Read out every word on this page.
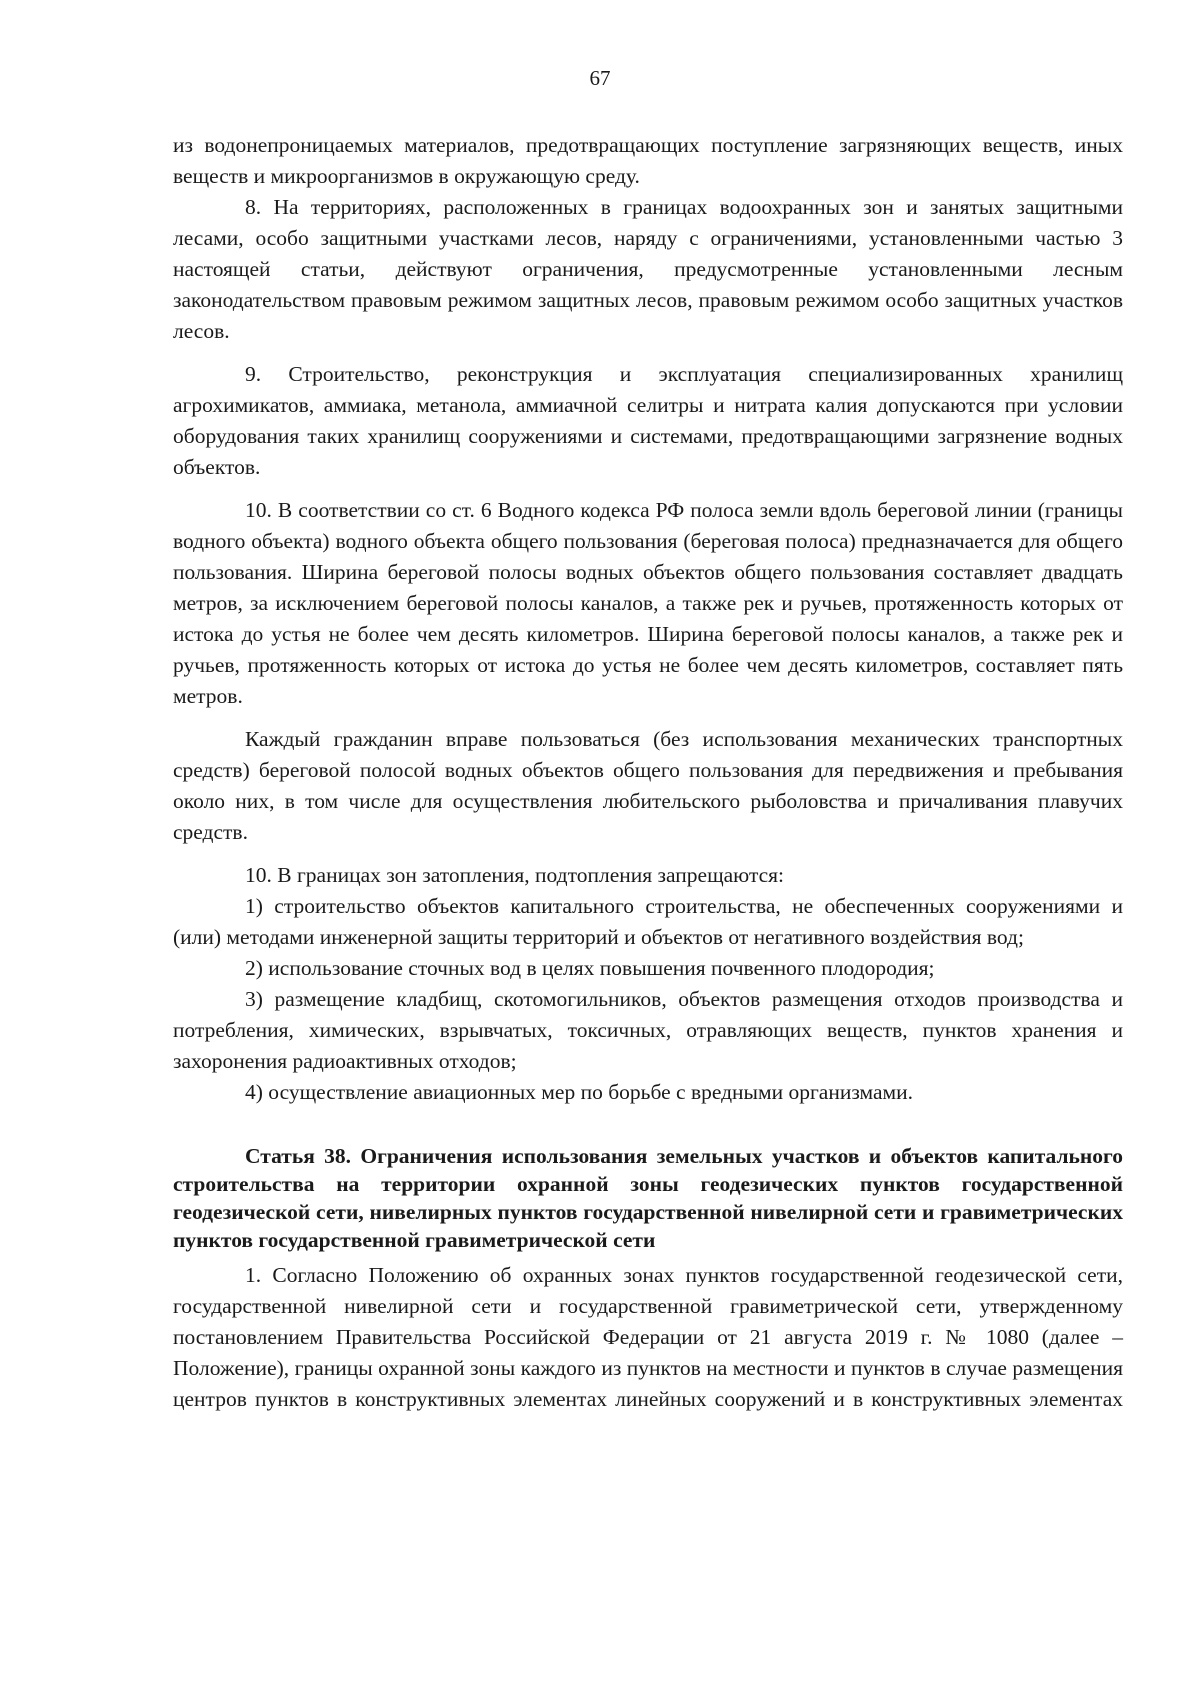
67

из водонепроницаемых материалов, предотвращающих поступление загрязняющих веществ, иных веществ и микроорганизмов в окружающую среду.

8. На территориях, расположенных в границах водоохранных зон и занятых защитными лесами, особо защитными участками лесов, наряду с ограничениями, установленными частью 3 настоящей статьи, действуют ограничения, предусмотренные установленными лесным законодательством правовым режимом защитных лесов, правовым режимом особо защитных участков лесов.

9. Строительство, реконструкция и эксплуатация специализированных хранилищ агрохимикатов, аммиака, метанола, аммиачной селитры и нитрата калия допускаются при условии оборудования таких хранилищ сооружениями и системами, предотвращающими загрязнение водных объектов.

10. В соответствии со ст. 6 Водного кодекса РФ полоса земли вдоль береговой линии (границы водного объекта) водного объекта общего пользования (береговая полоса) предназначается для общего пользования. Ширина береговой полосы водных объектов общего пользования составляет двадцать метров, за исключением береговой полосы каналов, а также рек и ручьев, протяженность которых от истока до устья не более чем десять километров. Ширина береговой полосы каналов, а также рек и ручьев, протяженность которых от истока до устья не более чем десять километров, составляет пять метров.

Каждый гражданин вправе пользоваться (без использования механических транспортных средств) береговой полосой водных объектов общего пользования для передвижения и пребывания около них, в том числе для осуществления любительского рыболовства и причаливания плавучих средств.

10. В границах зон затопления, подтопления запрещаются:

1) строительство объектов капитального строительства, не обеспеченных сооружениями и (или) методами инженерной защиты территорий и объектов от негативного воздействия вод;

2) использование сточных вод в целях повышения почвенного плодородия;

3) размещение кладбищ, скотомогильников, объектов размещения отходов производства и потребления, химических, взрывчатых, токсичных, отравляющих веществ, пунктов хранения и захоронения радиоактивных отходов;

4) осуществление авиационных мер по борьбе с вредными организмами.

Статья 38. Ограничения использования земельных участков и объектов капитального строительства на территории охранной зоны геодезических пунктов государственной геодезической сети, нивелирных пунктов государственной нивелирной сети и гравиметрических пунктов государственной гравиметрической сети

1. Согласно Положению об охранных зонах пунктов государственной геодезической сети, государственной нивелирной сети и государственной гравиметрической сети, утвержденному постановлением Правительства Российской Федерации от 21 августа 2019 г. № 1080 (далее – Положение), границы охранной зоны каждого из пунктов на местности и пунктов в случае размещения центров пунктов в конструктивных элементах линейных сооружений и в конструктивных элементах
